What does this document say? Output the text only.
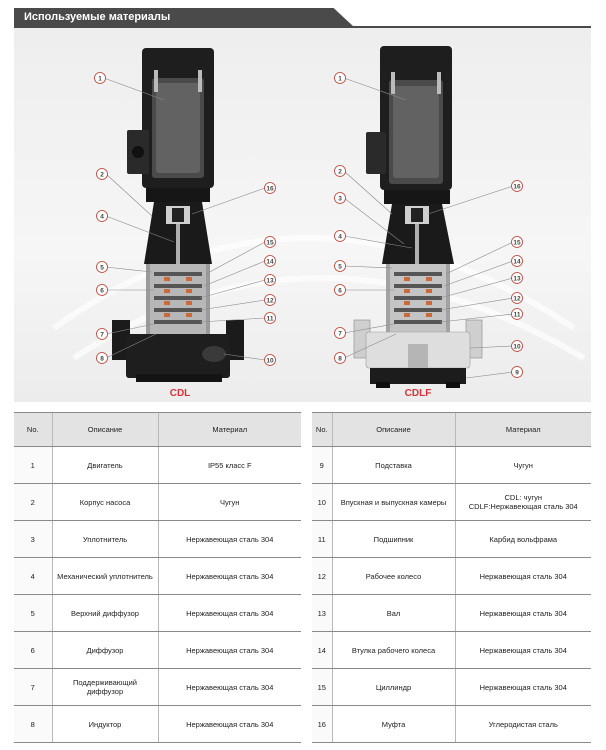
Используемые материалы
1
2
4
5
6
7
8
16
15
14
13
12
11
10
1
2
3
4
5
6
7
8
16
15
14
13
12
11
10
9
CDL	CDLF
No.	Описание	Материал
1	Двигатель	IP55 класс F
2	Корпус насоса	Чугун
3	Уплотнитель	Нержавеющая сталь 304
4	Механический уплотнитель	Нержавеющая сталь 304
5	Верхний диффузор	Нержавеющая сталь 304
6	Диффузор	Нержавеющая сталь 304
7	Поддерживающий диффузор	Нержавеющая сталь 304
8	Индуктор	Нержавеющая сталь 304
No.	Описание	Материал
9	Подставка	Чугун
10	Впускная и выпускная камеры	CDL: чугун
CDLF:Нержавеющая сталь 304

11	Подшипник	Карбид вольфрама
12	Рабочее колесо	Нержавеющая сталь 304
13	Вал	Нержавеющая сталь 304
14	Втулка рабочего колеса	Нержавеющая сталь 304
15	Циллиндр	Нержавеющая сталь 304
16	Муфта	Углеродистая сталь
